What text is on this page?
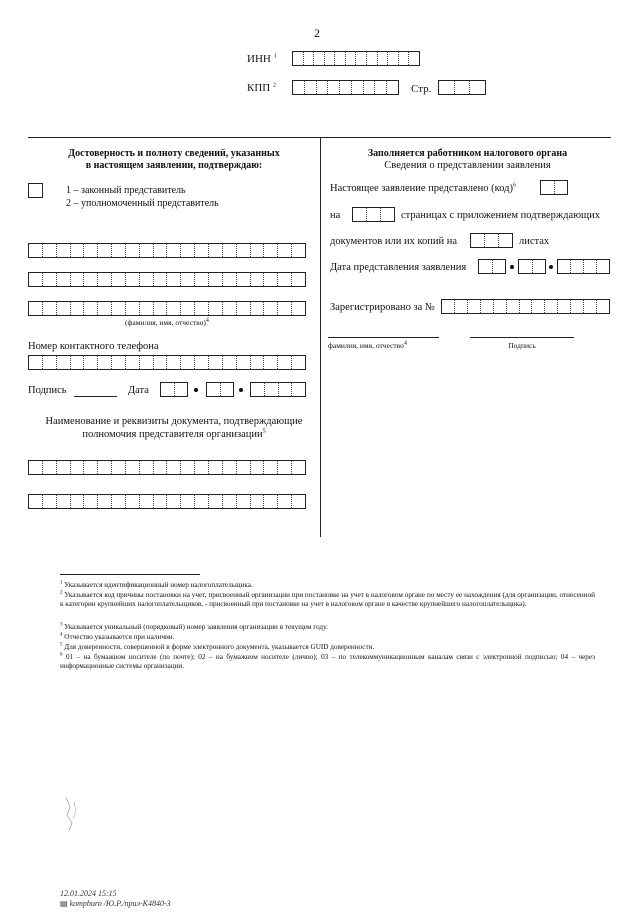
2
ИНН $^1$
КПП $^2$	Стр.
Достоверность и полноту сведений, указанных
в настоящем заявлении, подтверждаю:
1 – законный представитель
2 – уполномоченный представитель
(фамилия, имя, отчество)$^4$
Номер контактного телефона
Подпись	Дата
Наименование и реквизиты документа, подтверждающие
полномочия представителя организации$^5$
Заполняется работником налогового органа
Сведения о представлении заявления
Настоящее заявление представлено (код)$^6$
на	страницах с приложением подтверждающих
документов или их копий на	листах
Дата представления заявления
Зарегистрировано за №
фамилия, имя, отчество$^4$	Подпись
$^1$ Указывается идентификационный номер налогоплательщика.
$^2$ Указывается код причины постановки на учет, присвоенный организации при постановке на учет в налоговом органе по месту ее нахождения (для организации, отнесенной к категории крупнейших налогоплательщиков, - присвоенный при постановке на учет в налоговом органе в качестве крупнейшего налогоплательщика).
$^3$ Указывается уникальный (порядковый) номер заявления организации в текущем году.
$^4$ Отчество указывается при наличии.
$^5$ Для доверенности, совершенной в форме электронного документа, указывается GUID доверенности.
$^6$ 01 – на бумажном носителе (по почте); 02 – на бумажном носителе (лично); 03 – по телекоммуникационным каналам связи с электронной подписью; 04 – через информационные системы организации.
12.01.2024 15:15
▤ kompburo /Ю.Р./прил-К4840-3
